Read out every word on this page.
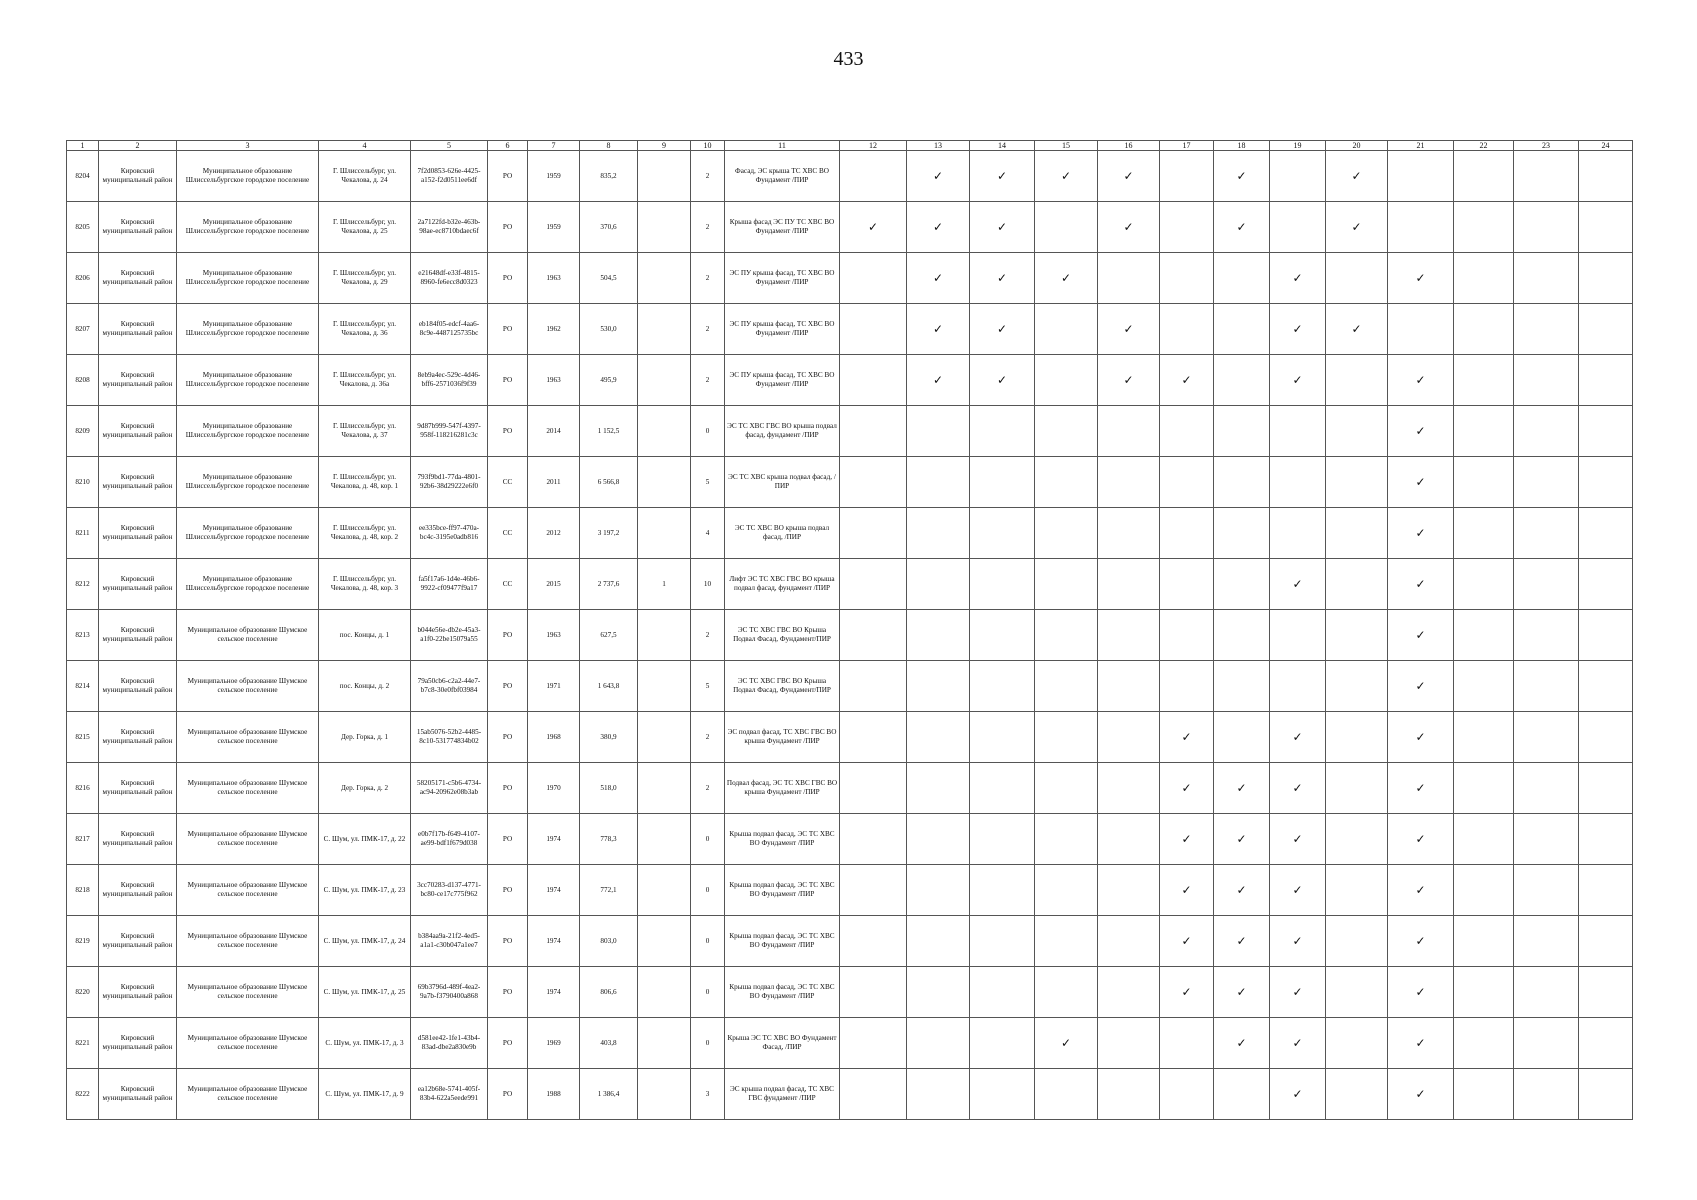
433
1	2	3	4	5	6	7	8	9	10	11	12	13	14	15	16	17	18	19	20	21	22	23	24
8204	Кировский муниципальный район	Муниципальное образование Шлиссельбургское городское поселение	Г. Шлиссельбург, ул. Чекалова, д. 24	7f2d0853-626e-4425-a152-f2d0511ee6df	РО	1959	835,2		2	Фасад, ЭС крыша ТС ХВС ВО Фундамент /ПИР		✓	✓	✓	✓		✓		✓				
8205	Кировский муниципальный район	Муниципальное образование Шлиссельбургское городское поселение	Г. Шлиссельбург, ул. Чекалова, д. 25	2a7122fd-b32e-463b-98ae-ec8710bdaec6f	РО	1959	370,6		2	Крыша фасад ЭС ПУ ТС ХВС ВО Фундамент /ПИР	✓	✓	✓		✓		✓		✓				
8206	Кировский муниципальный район	Муниципальное образование Шлиссельбургское городское поселение	Г. Шлиссельбург, ул. Чекалова, д. 29	e21648df-e33f-4815-8960-fe6ecc8d0323	РО	1963	504,5		2	ЭС ПУ крыша фасад, ТС ХВС ВО Фундамент /ПИР		✓	✓	✓				✓		✓			
8207	Кировский муниципальный район	Муниципальное образование Шлиссельбургское городское поселение	Г. Шлиссельбург, ул. Чекалова, д. 36	eb184f05-edcf-4aa6-8c9e-4487125735bc	РО	1962	530,0		2	ЭС ПУ крыша фасад, ТС ХВС ВО Фундамент /ПИР		✓	✓		✓			✓	✓				
8208	Кировский муниципальный район	Муниципальное образование Шлиссельбургское городское поселение	Г. Шлиссельбург, ул. Чекалова, д. 36а	8eb9a4ec-529c-4d46-bff6-2571036f9f39	РО	1963	495,9		2	ЭС ПУ крыша фасад, ТС ХВС ВО Фундамент /ПИР		✓	✓		✓	✓		✓		✓			
8209	Кировский муниципальный район	Муниципальное образование Шлиссельбургское городское поселение	Г. Шлиссельбург, ул. Чекалова, д. 37	9d87b999-547f-4397-958f-118216281c3c	РО	2014	1 152,5		0	ЭС ТС ХВС ГВС ВО крыша подвал фасад, фундамент /ПИР										✓			
8210	Кировский муниципальный район	Муниципальное образование Шлиссельбургское городское поселение	Г. Шлиссельбург, ул. Чекалова, д. 48, кор. 1	793f9bd1-77da-4801-92b6-38d29222e6f0	СС	2011	6 566,8		5	ЭС ТС ХВС крыша подвал фасад, /ПИР										✓			
8211	Кировский муниципальный район	Муниципальное образование Шлиссельбургское городское поселение	Г. Шлиссельбург, ул. Чекалова, д. 48, кор. 2	ee335bce-ff97-470a-bc4c-3195e0adb816	СС	2012	3 197,2		4	ЭС ТС ХВС ВО крыша подвал фасад, /ПИР										✓			
8212	Кировский муниципальный район	Муниципальное образование Шлиссельбургское городское поселение	Г. Шлиссельбург, ул. Чекалова, д. 48, кор. 3	fa5f17a6-1d4e-46b6-9922-cf09477f9a17	СС	2015	2 737,6	1	10	Лифт ЭС ТС ХВС ГВС ВО крыша подвал фасад, фундамент /ПИР								✓		✓			
8213	Кировский муниципальный район	Муниципальное образование Шумское сельское поселение	пос. Концы, д. 1	b044e56e-db2e-45a3-a1f0-22be15079a55	РО	1963	627,5		2	ЭС ТС ХВС ГВС ВО Крыша Подвал Фасад, Фундамент/ПИР										✓			
8214	Кировский муниципальный район	Муниципальное образование Шумское сельское поселение	пос. Концы, д. 2	79a50cb6-c2a2-44e7-b7c8-30e0fbf03984	РО	1971	1 643,8		5	ЭС ТС ХВС ГВС ВО Крыша Подвал Фасад, Фундамент/ПИР										✓			
8215	Кировский муниципальный район	Муниципальное образование Шумское сельское поселение	Дер. Горка, д. 1	15ab5076-52b2-4485-8c10-531774834b02	РО	1968	380,9		2	ЭС подвал фасад, ТС ХВС ГВС ВО крыша Фундамент /ПИР						✓		✓		✓			
8216	Кировский муниципальный район	Муниципальное образование Шумское сельское поселение	Дер. Горка, д. 2	58205171-c5b6-4734-ac94-20962e08b3ab	РО	1970	518,0		2	Подвал фасад, ЭС ТС ХВС ГВС ВО крыша Фундамент /ПИР						✓	✓	✓		✓			
8217	Кировский муниципальный район	Муниципальное образование Шумское сельское поселение	С. Шум, ул. ПМК-17, д. 22	e0b7f17b-f649-4107-ae99-bdf1f679d038	РО	1974	778,3		0	Крыша подвал фасад, ЭС ТС ХВС ВО Фундамент /ПИР						✓	✓	✓		✓			
8218	Кировский муниципальный район	Муниципальное образование Шумское сельское поселение	С. Шум, ул. ПМК-17, д. 23	3cc70283-d137-4771-bc80-ce17c775f962	РО	1974	772,1		0	Крыша подвал фасад, ЭС ТС ХВС ВО Фундамент /ПИР						✓	✓	✓		✓			
8219	Кировский муниципальный район	Муниципальное образование Шумское сельское поселение	С. Шум, ул. ПМК-17, д. 24	b384aa9a-21f2-4ed5-a1a1-c30b047a1ee7	РО	1974	803,0		0	Крыша подвал фасад, ЭС ТС ХВС ВО Фундамент /ПИР						✓	✓	✓		✓			
8220	Кировский муниципальный район	Муниципальное образование Шумское сельское поселение	С. Шум, ул. ПМК-17, д. 25	69b3796d-489f-4ea2-9a7b-f3790400a868	РО	1974	806,6		0	Крыша подвал фасад, ЭС ТС ХВС ВО Фундамент /ПИР						✓	✓	✓		✓			
8221	Кировский муниципальный район	Муниципальное образование Шумское сельское поселение	С. Шум, ул. ПМК-17, д. 3	d581ee42-1fe1-43b4-83ad-dbe2a830e9b	РО	1969	403,8		0	Крыша ЭС ТС ХВС ВО Фундамент Фасад, /ПИР				✓			✓	✓		✓			
8222	Кировский муниципальный район	Муниципальное образование Шумское сельское поселение	С. Шум, ул. ПМК-17, д. 9	ea12b68e-5741-405f-83b4-622a5eede991	РО	1988	1 386,4		3	ЭС крыша подвал фасад, ТС ХВС ГВС фундамент /ПИР								✓		✓			
